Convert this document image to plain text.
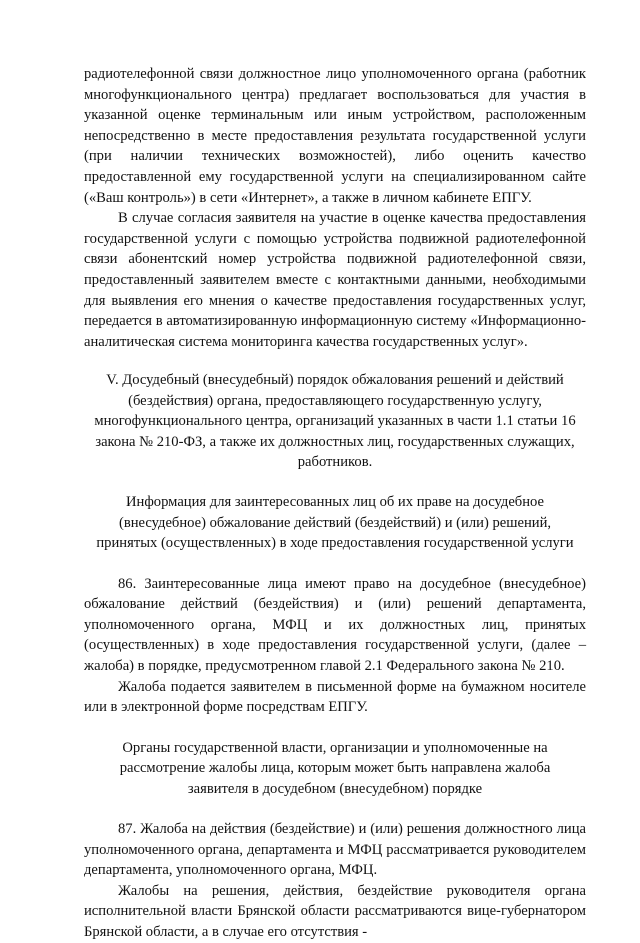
радиотелефонной связи должностное лицо уполномоченного органа (работник многофункционального центра) предлагает воспользоваться для участия в указанной оценке терминальным или иным устройством, расположенным непосредственно в месте предоставления результата государственной услуги (при наличии технических возможностей), либо оценить качество предоставленной ему государственной услуги на специализированном сайте («Ваш контроль») в сети «Интернет», а также в личном кабинете ЕПГУ.

В случае согласия заявителя на участие в оценке качества предоставления государственной услуги с помощью устройства подвижной радиотелефонной связи абонентский номер устройства подвижной радиотелефонной связи, предоставленный заявителем вместе с контактными данными, необходимыми для выявления его мнения о качестве предоставления государственных услуг, передается в автоматизированную информационную систему «Информационно-аналитическая система мониторинга качества государственных услуг».

V. Досудебный (внесудебный) порядок обжалования решений и действий (бездействия) органа, предоставляющего государственную услугу, многофункционального центра, организаций указанных в части 1.1 статьи 16 закона № 210-ФЗ, а также их должностных лиц, государственных служащих, работников.

Информация для заинтересованных лиц об их праве на досудебное (внесудебное) обжалование действий (бездействий) и (или) решений, принятых (осуществленных) в ходе предоставления государственной услуги

86. Заинтересованные лица имеют право на досудебное (внесудебное) обжалование действий (бездействия) и (или) решений департамента, уполномоченного органа, МФЦ и их должностных лиц, принятых (осуществленных) в ходе предоставления государственной услуги, (далее – жалоба) в порядке, предусмотренном главой 2.1 Федерального закона № 210.

Жалоба подается заявителем в письменной форме на бумажном носителе или в электронной форме посредствам ЕПГУ.

Органы государственной власти, организации и уполномоченные на рассмотрение жалобы лица, которым может быть направлена жалоба заявителя в досудебном (внесудебном) порядке

87. Жалоба на действия (бездействие) и (или) решения должностного лица уполномоченного органа, департамента и МФЦ рассматривается руководителем департамента, уполномоченного органа, МФЦ.

Жалобы на решения, действия, бездействие руководителя органа исполнительной власти Брянской области рассматриваются вице-губернатором Брянской области, а в случае его отсутствия -
